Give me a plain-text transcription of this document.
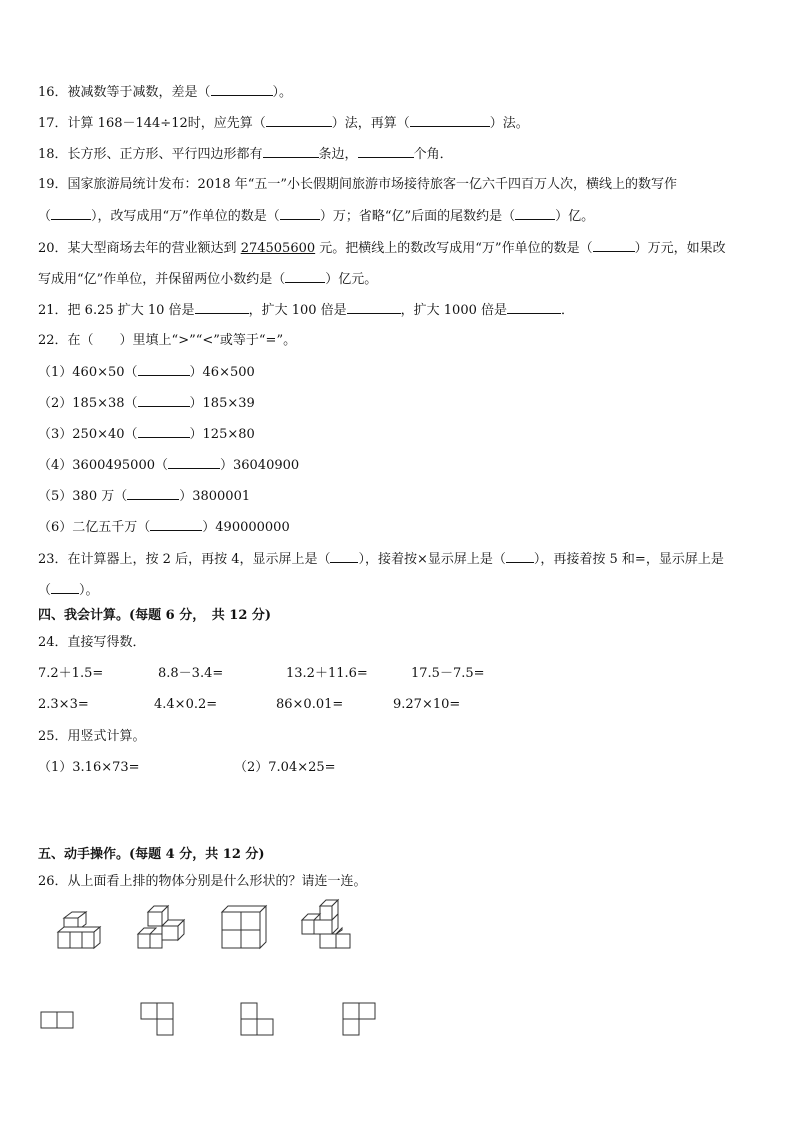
16．被减数等于减数，差是（	）。
17．计算 168－144÷12时，应先算（	）法，再算（	）法。
18．长方形、正方形、平行四边形都有	条边，	个角．
19．国家旅游局统计发布：2018 年“五一”小长假期间旅游市场接待旅客一亿六千四百万人次，横线上的数写作
（	），改写成用“万”作单位的数是（	）万；省略“亿”后面的尾数约是（	）亿。
20．某大型商场去年的营业额达到 274505600 元。把横线上的数改写成用“万”作单位的数是（	）万元，如果改
写成用“亿”作单位，并保留两位小数约是（	）亿元。
21．把 6.25 扩大 10 倍是	，扩大 100 倍是	，扩大 1000 倍是	．
22．在（　　）里填上“>”“<”或等于“=”。
（1）460×50（	）46×500
（2）185×38（	）185×39
（3）250×40（	）125×80
（4）3600495000（	）36040900
（5）380 万（	）3800001
（6）二亿五千万（	）490000000
23．在计算器上，按 2 后，再按 4，显示屏上是（ ），接着按×显示屏上是（ ），再接着按 5 和=，显示屏上是
（ ）。
四、我会计算。(每题 6 分，　共 12 分)
24．直接写得数．
7.2＋1.5=	8.8－3.4=	13.2＋11.6=	17.5－7.5=
2.3×3=	4.4×0.2=	86×0.01=	9.27×10=
25．用竖式计算。
（1）3.16×73=	（2）7.04×25=
五、动手操作。(每题 4 分，共 12 分)
26．从上面看上排的物体分别是什么形状的？请连一连。
